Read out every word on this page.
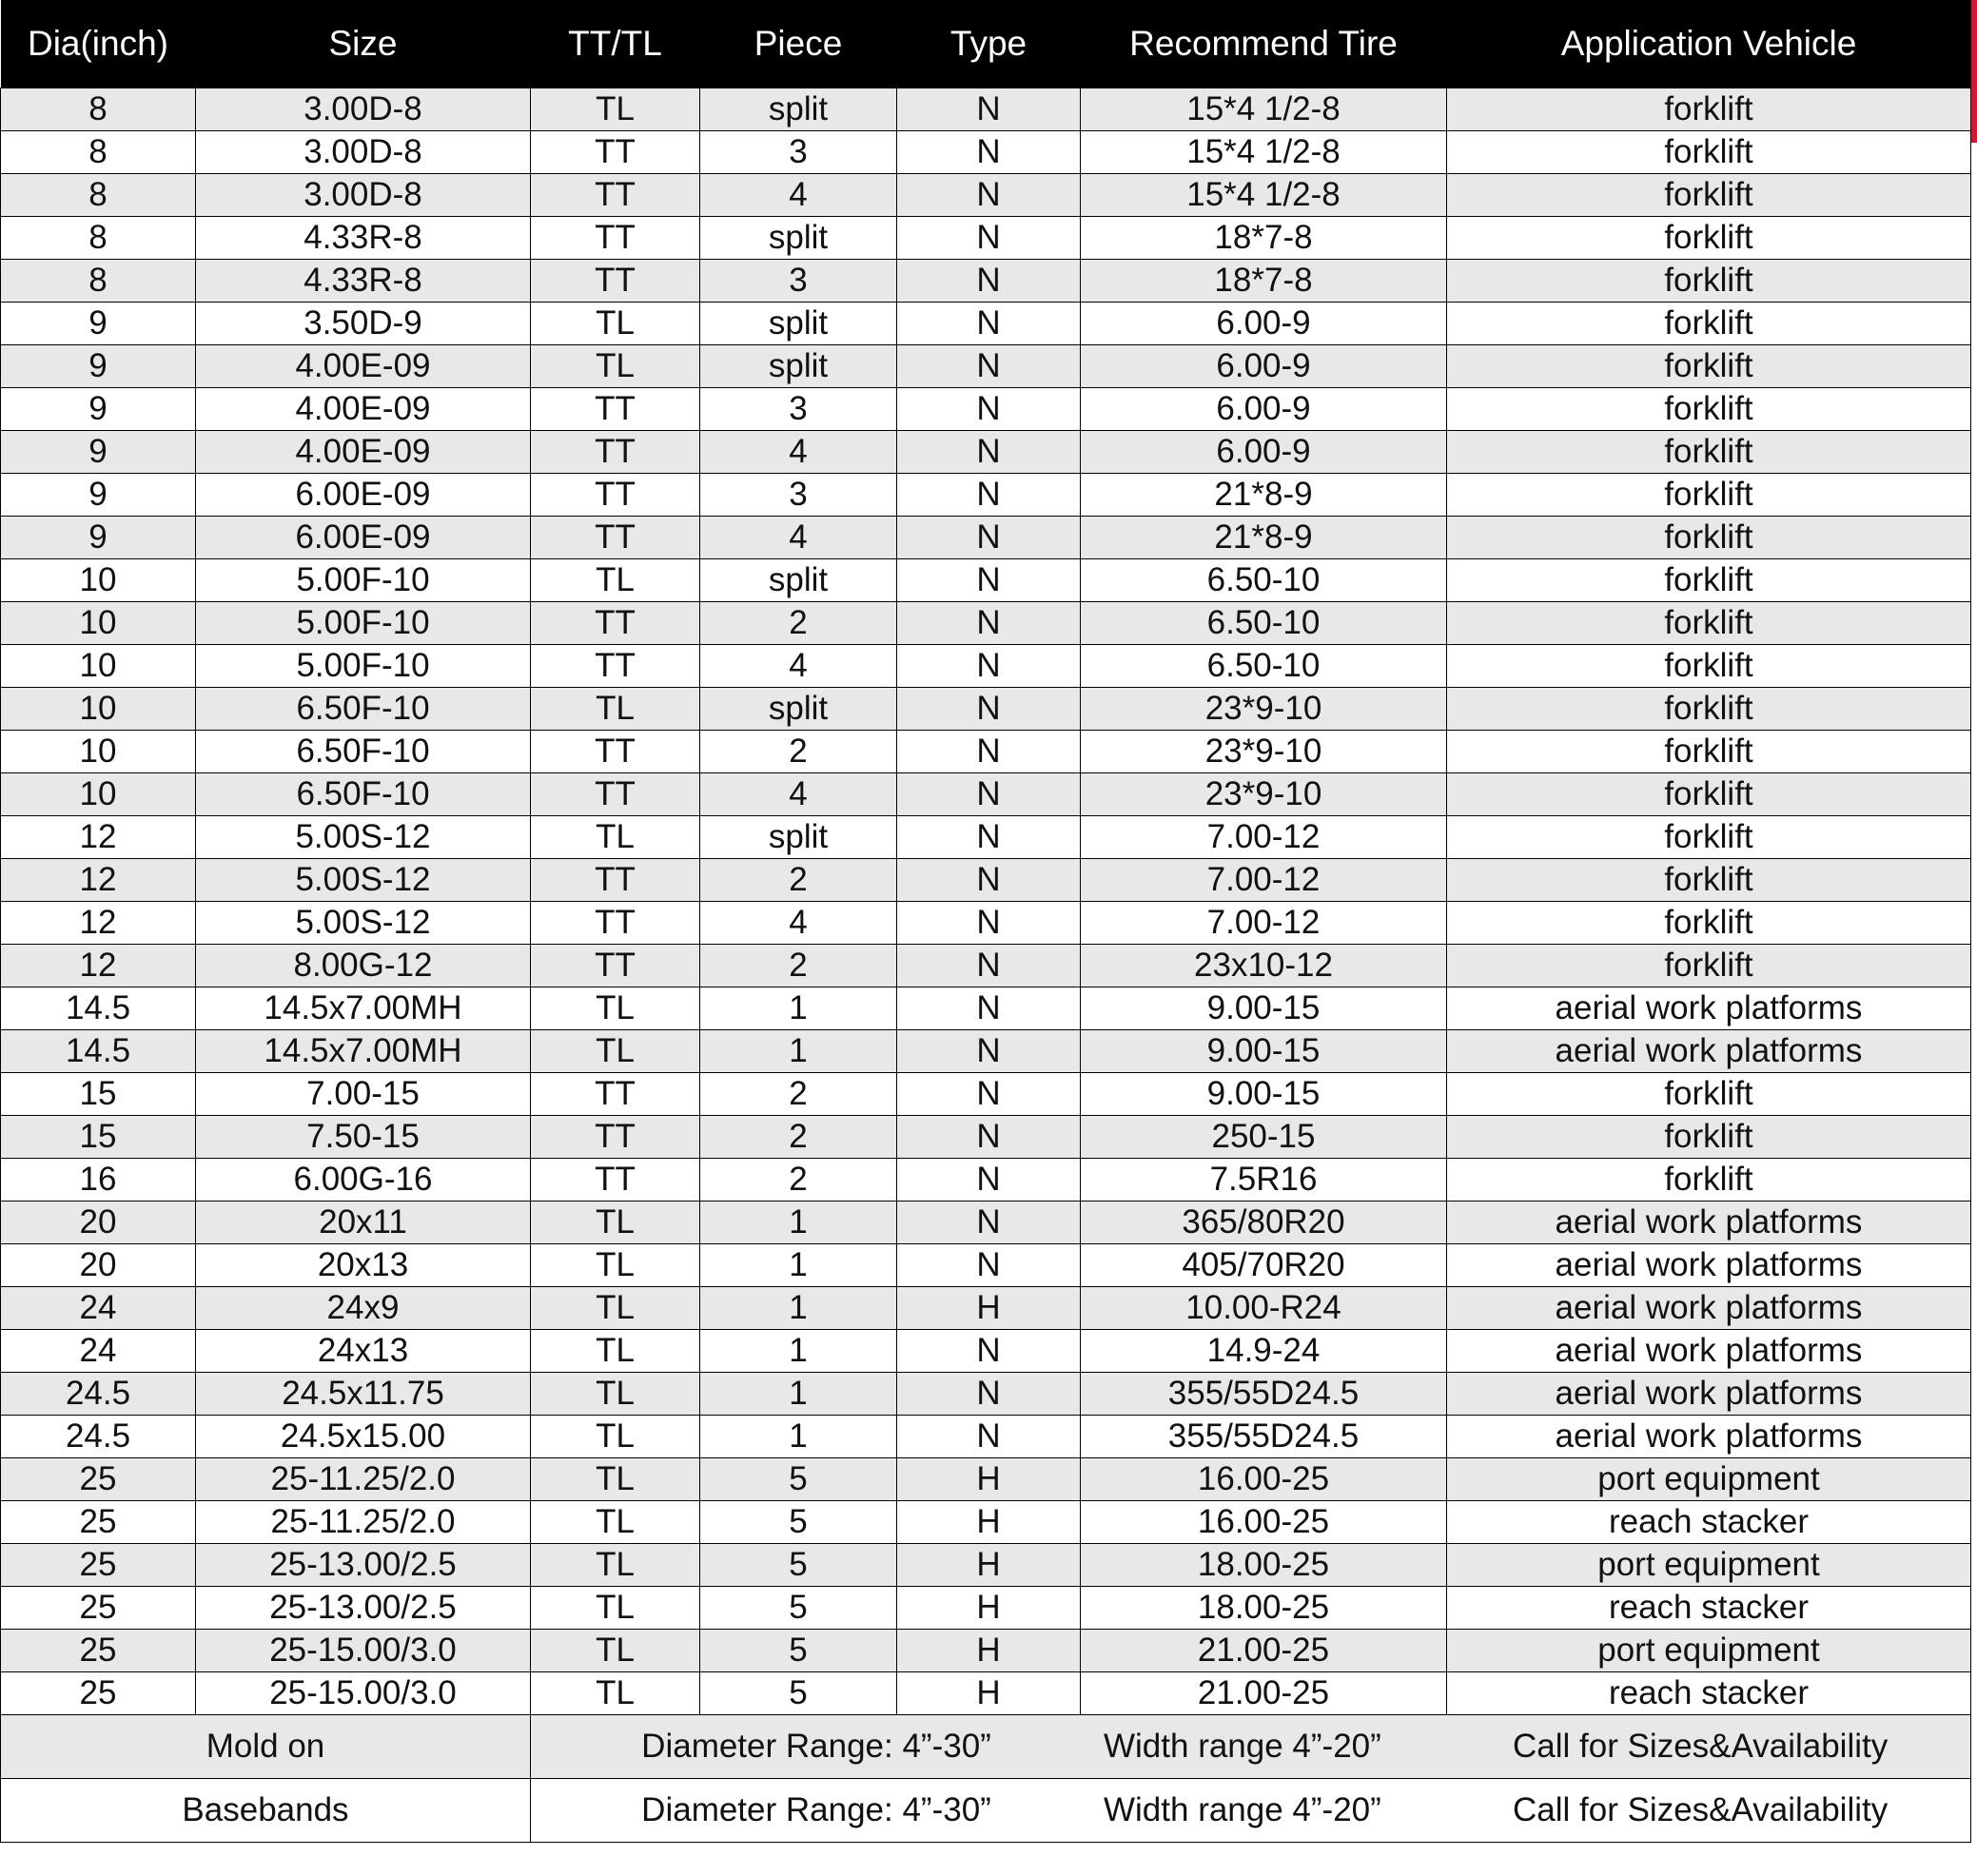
Dia(inch)	Size	TT/TL	Piece	Type	Recommend Tire	Application Vehicle
8	3.00D-8	TL	split	N	15*4 1/2-8	forklift
8	3.00D-8	TT	3	N	15*4 1/2-8	forklift
8	3.00D-8	TT	4	N	15*4 1/2-8	forklift
8	4.33R-8	TT	split	N	18*7-8	forklift
8	4.33R-8	TT	3	N	18*7-8	forklift
9	3.50D-9	TL	split	N	6.00-9	forklift
9	4.00E-09	TL	split	N	6.00-9	forklift
9	4.00E-09	TT	3	N	6.00-9	forklift
9	4.00E-09	TT	4	N	6.00-9	forklift
9	6.00E-09	TT	3	N	21*8-9	forklift
9	6.00E-09	TT	4	N	21*8-9	forklift
10	5.00F-10	TL	split	N	6.50-10	forklift
10	5.00F-10	TT	2	N	6.50-10	forklift
10	5.00F-10	TT	4	N	6.50-10	forklift
10	6.50F-10	TL	split	N	23*9-10	forklift
10	6.50F-10	TT	2	N	23*9-10	forklift
10	6.50F-10	TT	4	N	23*9-10	forklift
12	5.00S-12	TL	split	N	7.00-12	forklift
12	5.00S-12	TT	2	N	7.00-12	forklift
12	5.00S-12	TT	4	N	7.00-12	forklift
12	8.00G-12	TT	2	N	23x10-12	forklift
14.5	14.5x7.00MH	TL	1	N	9.00-15	aerial work platforms
14.5	14.5x7.00MH	TL	1	N	9.00-15	aerial work platforms
15	7.00-15	TT	2	N	9.00-15	forklift
15	7.50-15	TT	2	N	250-15	forklift
16	6.00G-16	TT	2	N	7.5R16	forklift
20	20x11	TL	1	N	365/80R20	aerial work platforms
20	20x13	TL	1	N	405/70R20	aerial work platforms
24	24x9	TL	1	H	10.00-R24	aerial work platforms
24	24x13	TL	1	N	14.9-24	aerial work platforms
24.5	24.5x11.75	TL	1	N	355/55D24.5	aerial work platforms
24.5	24.5x15.00	TL	1	N	355/55D24.5	aerial work platforms
25	25-11.25/2.0	TL	5	H	16.00-25	port equipment
25	25-11.25/2.0	TL	5	H	16.00-25	reach stacker
25	25-13.00/2.5	TL	5	H	18.00-25	port equipment
25	25-13.00/2.5	TL	5	H	18.00-25	reach stacker
25	25-15.00/3.0	TL	5	H	21.00-25	port equipment
25	25-15.00/3.0	TL	5	H	21.00-25	reach stacker
Mold on		Diameter Range: 4”-30” Width range 4”-20” Call for Sizes&Availability				

Basebands		Diameter Range: 4”-30” Width range 4”-20” Call for Sizes&Availability				
